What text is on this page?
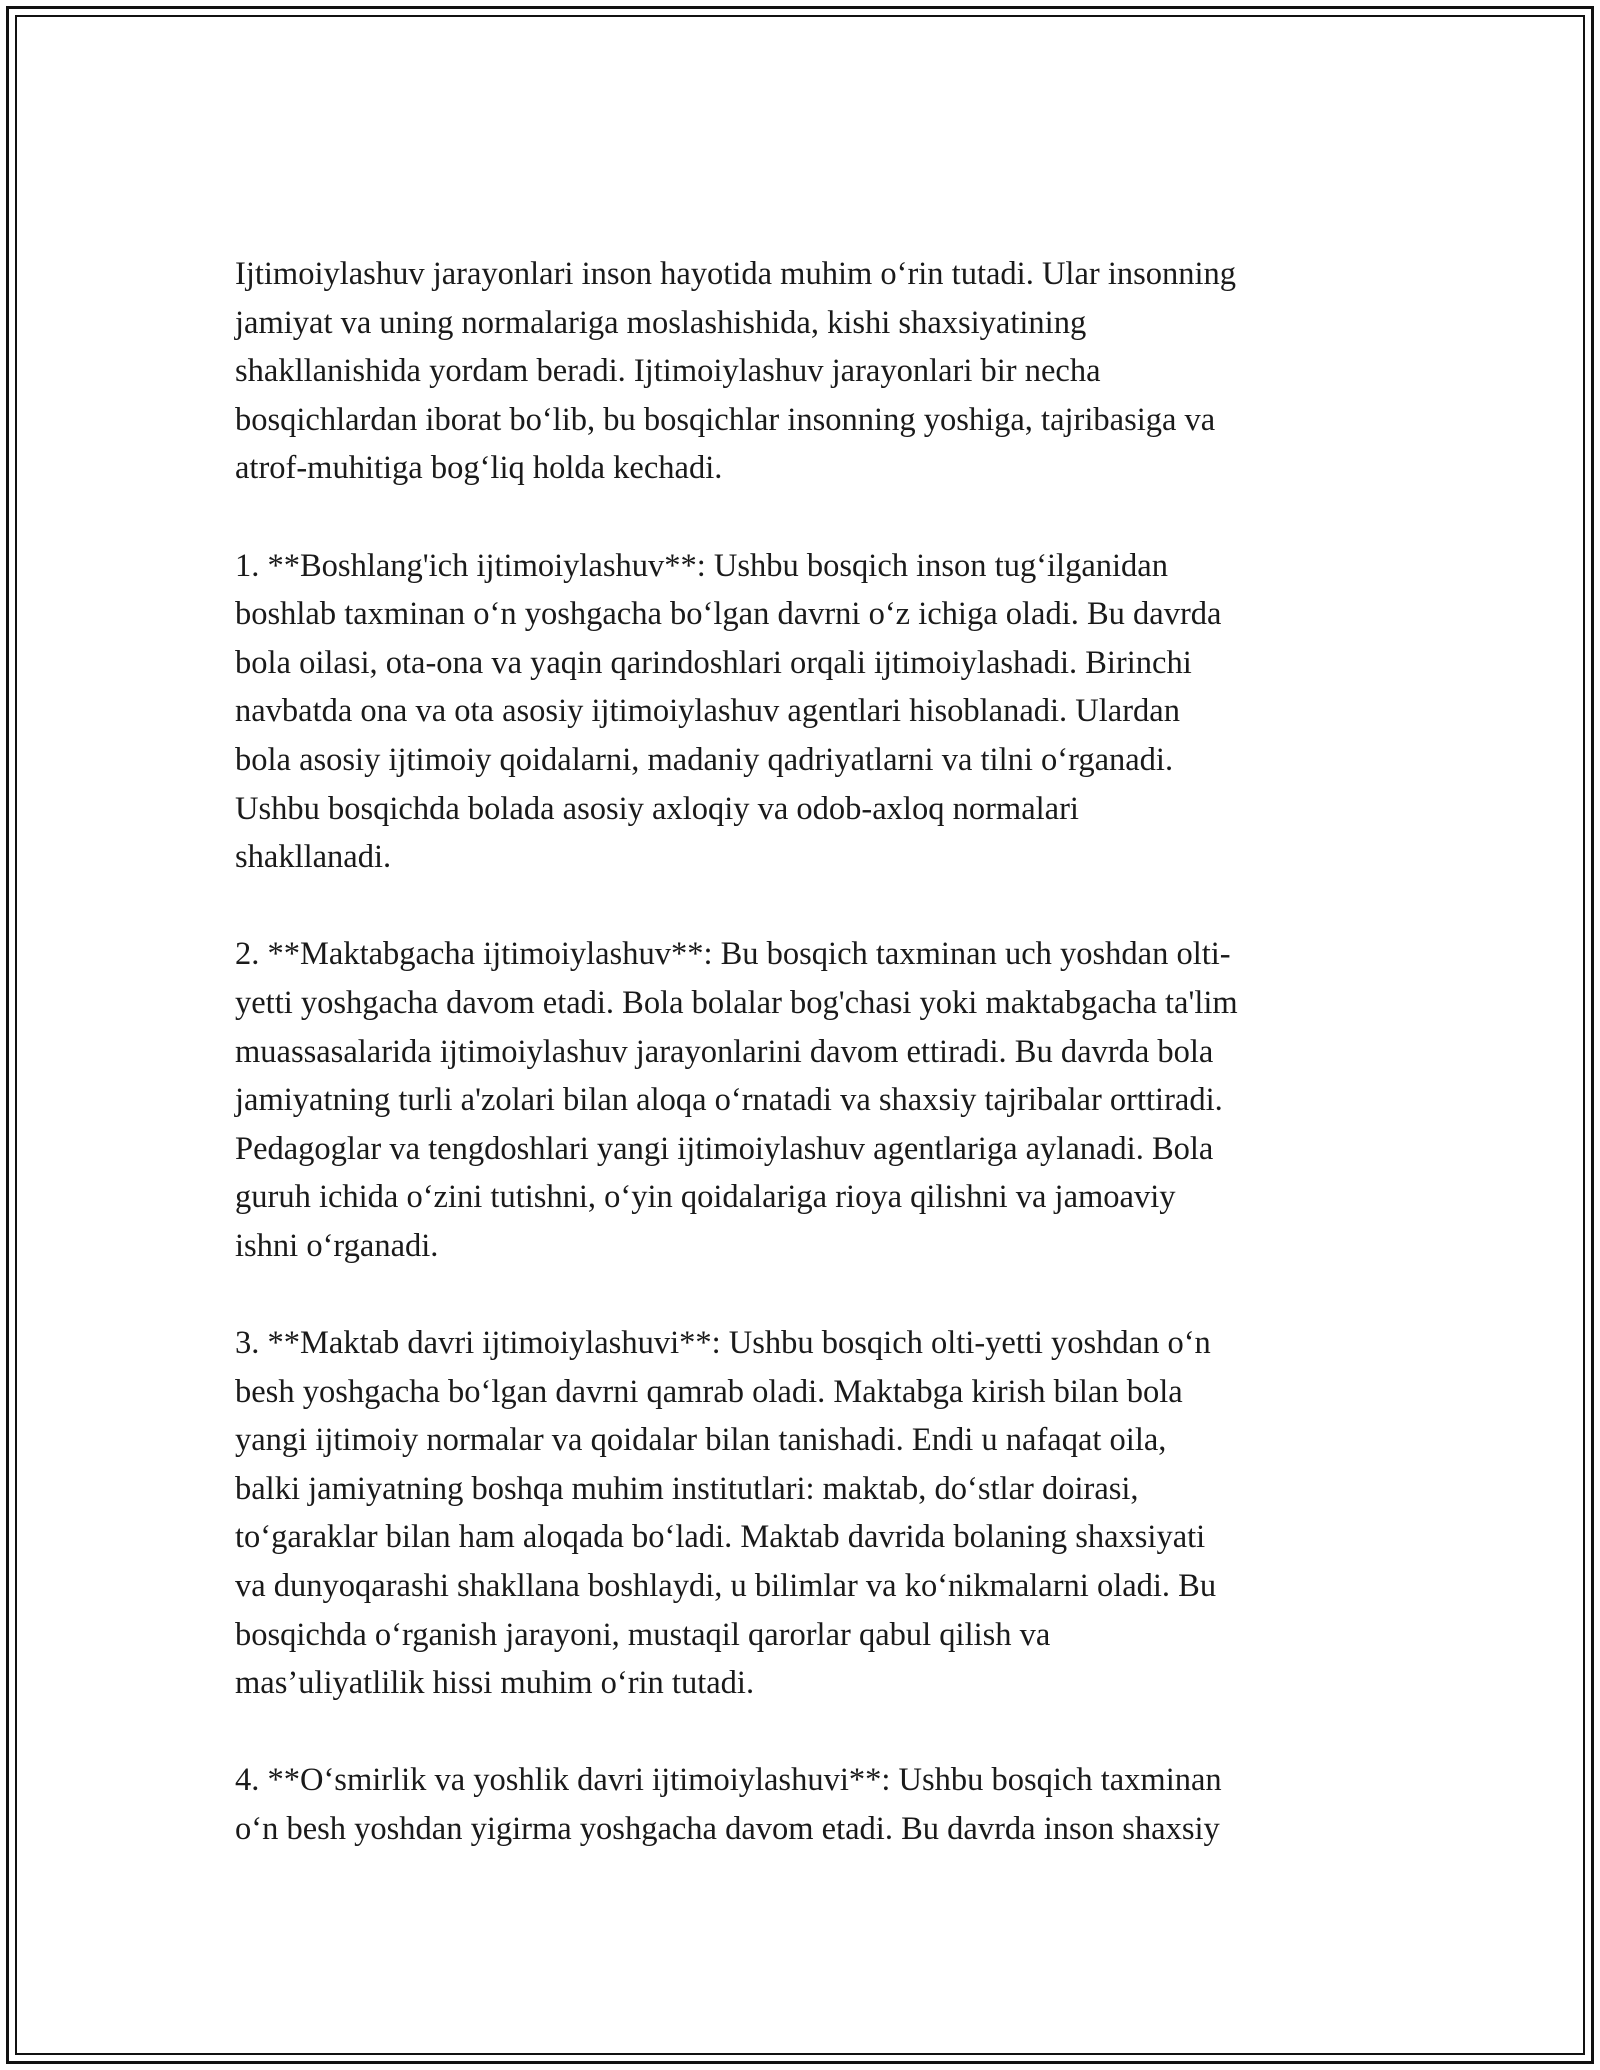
Ijtimoiylashuv jarayonlari inson hayotida muhim o‘rin tutadi. Ular insonning
jamiyat va uning normalariga moslashishida, kishi shaxsiyatining
shakllanishida yordam beradi. Ijtimoiylashuv jarayonlari bir necha
bosqichlardan iborat bo‘lib, bu bosqichlar insonning yoshiga, tajribasiga va
atrof-muhitiga bog‘liq holda kechadi.
1. **Boshlang'ich ijtimoiylashuv**: Ushbu bosqich inson tug‘ilganidan
boshlab taxminan o‘n yoshgacha bo‘lgan davrni o‘z ichiga oladi. Bu davrda
bola oilasi, ota-ona va yaqin qarindoshlari orqali ijtimoiylashadi. Birinchi
navbatda ona va ota asosiy ijtimoiylashuv agentlari hisoblanadi. Ulardan
bola asosiy ijtimoiy qoidalarni, madaniy qadriyatlarni va tilni o‘rganadi.
Ushbu bosqichda bolada asosiy axloqiy va odob-axloq normalari
shakllanadi.
2. **Maktabgacha ijtimoiylashuv**: Bu bosqich taxminan uch yoshdan olti-
yetti yoshgacha davom etadi. Bola bolalar bog'chasi yoki maktabgacha ta'lim
muassasalarida ijtimoiylashuv jarayonlarini davom ettiradi. Bu davrda bola
jamiyatning turli a'zolari bilan aloqa o‘rnatadi va shaxsiy tajribalar orttiradi.
Pedagoglar va tengdoshlari yangi ijtimoiylashuv agentlariga aylanadi. Bola
guruh ichida o‘zini tutishni, o‘yin qoidalariga rioya qilishni va jamoaviy
ishni o‘rganadi.
3. **Maktab davri ijtimoiylashuvi**: Ushbu bosqich olti-yetti yoshdan o‘n
besh yoshgacha bo‘lgan davrni qamrab oladi. Maktabga kirish bilan bola
yangi ijtimoiy normalar va qoidalar bilan tanishadi. Endi u nafaqat oila,
balki jamiyatning boshqa muhim institutlari: maktab, do‘stlar doirasi,
to‘garaklar bilan ham aloqada bo‘ladi. Maktab davrida bolaning shaxsiyati
va dunyoqarashi shakllana boshlaydi, u bilimlar va ko‘nikmalarni oladi. Bu
bosqichda o‘rganish jarayoni, mustaqil qarorlar qabul qilish va
mas’uliyatlilik hissi muhim o‘rin tutadi.
4. **O‘smirlik va yoshlik davri ijtimoiylashuvi**: Ushbu bosqich taxminan
o‘n besh yoshdan yigirma yoshgacha davom etadi. Bu davrda inson shaxsiy
